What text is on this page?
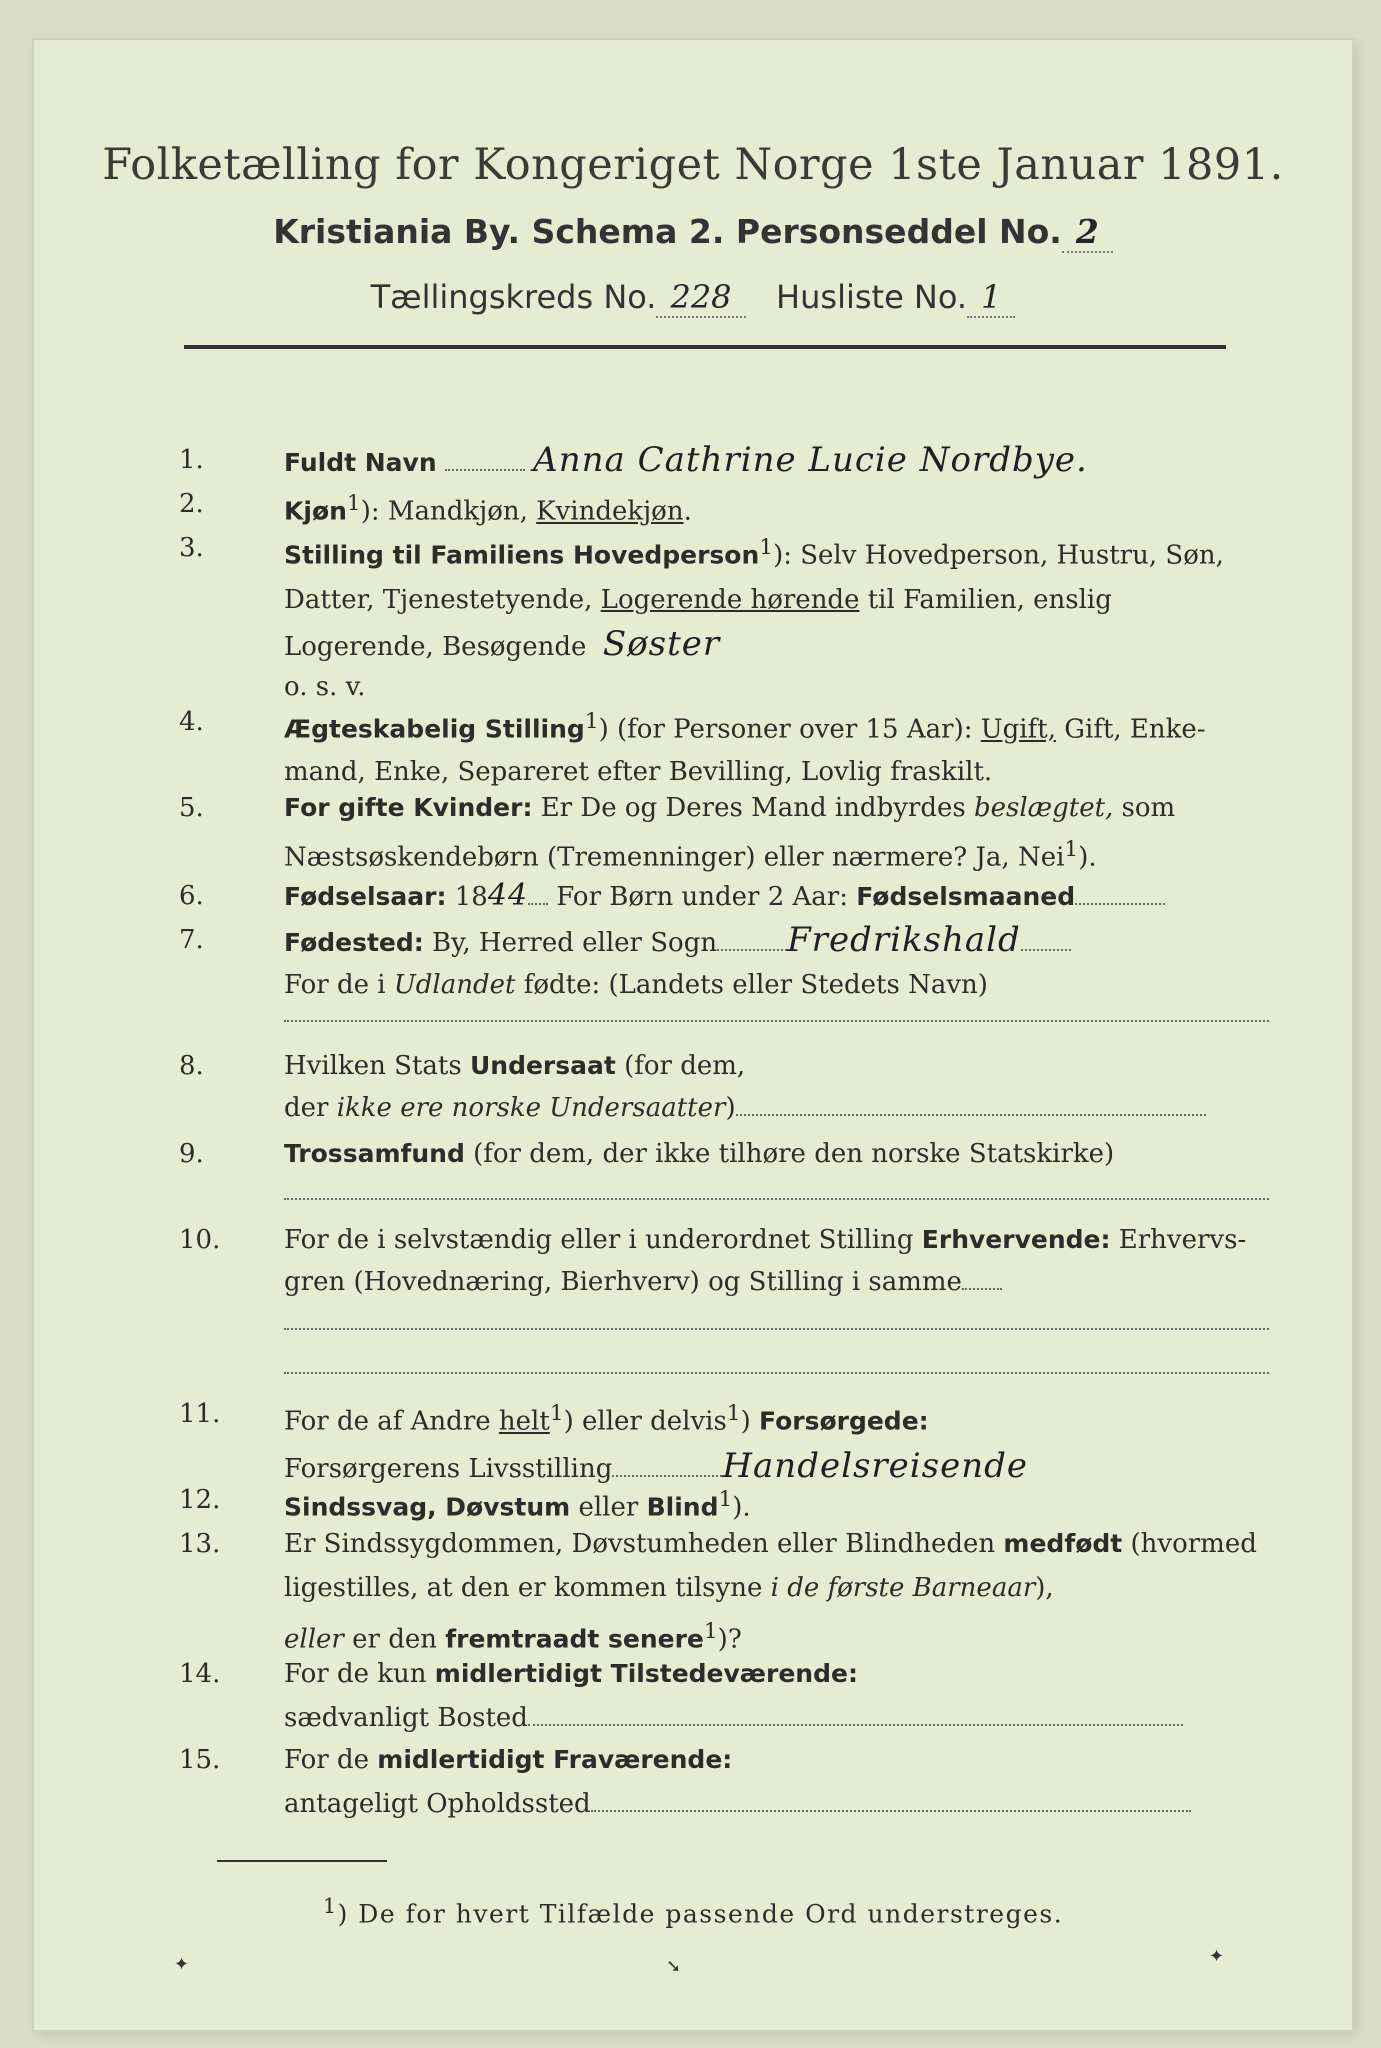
Folketælling for Kongeriget Norge 1ste Januar 1891.
Kristiania By. Schema 2. Personseddel No. 2
Tællingskreds No. 228 Husliste No. 1
1.	Fuldt Navn	Anna Cathrine Lucie Nordbye.
2.	Kjøn$^1$): Mandkjøn, Kvindekjøn.
3.	Stilling til Familiens Hovedperson$^1$): Selv Hovedperson, Hustru, Søn,
Datter, Tjenestetyende, Logerende hørende til Familien, enslig
Logerende, Besøgende Søster
o. s. v.
4.	Ægteskabelig Stilling$^1$) (for Personer over 15 Aar): Ugift, Gift, Enke-
mand, Enke, Separeret efter Bevilling, Lovlig fraskilt.
5.	For gifte Kvinder: Er De og Deres Mand indbyrdes beslægtet, som
Næstsøskendebørn (Tremenninger) eller nærmere? Ja, Nei$^1$).
6.	Fødselsaar: 1844 For Børn under 2 Aar: Fødselsmaaned
7.	Fødested: By, Herred eller Sogn Fredrikshald
For de i Udlandet fødte: (Landets eller Stedets Navn)
8.	Hvilken Stats Undersaat (for dem,
der ikke ere norske Undersaatter)
9.	Trossamfund (for dem, der ikke tilhøre den norske Statskirke)
10.	For de i selvstændig eller i underordnet Stilling Erhvervende: Erhvervs-
gren (Hovednæring, Bierhverv) og Stilling i samme
11.	For de af Andre helt$^1$) eller delvis$^1$) Forsørgede:
Forsørgerens Livsstilling	Handelsreisende
12.	Sindssvag, Døvstum eller Blind$^1$).
13.	Er Sindssygdommen, Døvstumheden eller Blindheden medfødt (hvormed
ligestilles, at den er kommen tilsyne i de første Barneaar),
eller er den fremtraadt senere$^1$)?
14.	For de kun midlertidigt Tilstedeværende:
sædvanligt Bosted
15.	For de midlertidigt Fraværende:
antageligt Opholdssted
$^1$) De for hvert Tilfælde passende Ord understreges.
✦	➘	✦
